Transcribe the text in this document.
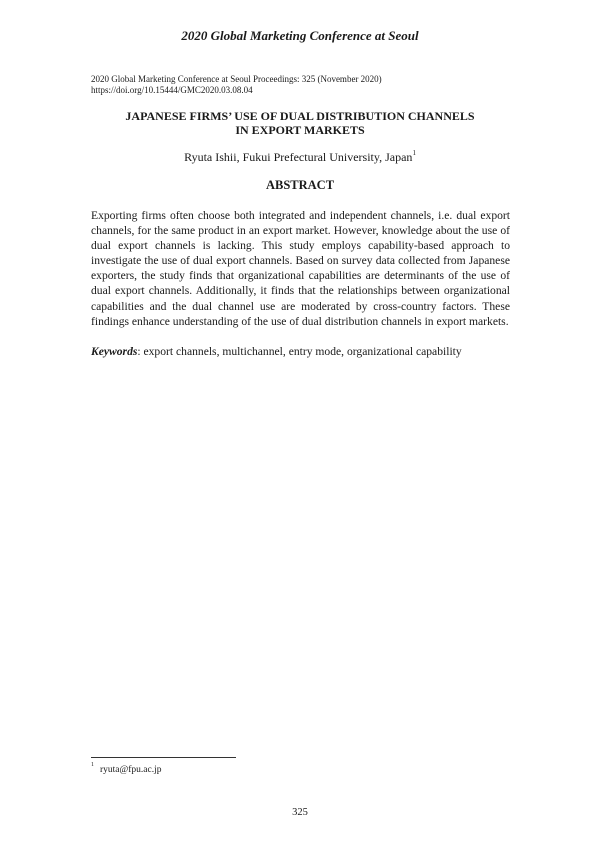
2020 Global Marketing Conference at Seoul
2020 Global Marketing Conference at Seoul Proceedings: 325 (November 2020)
https://doi.org/10.15444/GMC2020.03.08.04
JAPANESE FIRMS’ USE OF DUAL DISTRIBUTION CHANNELS
IN EXPORT MARKETS
Ryuta Ishii, Fukui Prefectural University, Japan$^1$
ABSTRACT
Exporting firms often choose both integrated and independent channels, i.e. dual export channels, for the same product in an export market. However, knowledge about the use of dual export channels is lacking. This study employs capability-based approach to investigate the use of dual export channels. Based on survey data collected from Japanese exporters, the study finds that organizational capabilities are determinants of the use of dual export channels. Additionally, it finds that the relationships between organizational capabilities and the dual channel use are moderated by cross-country factors. These findings enhance understanding of the use of dual distribution channels in export markets.
Keywords: export channels, multichannel, entry mode, organizational capability
$^1$ryuta@fpu.ac.jp
325
